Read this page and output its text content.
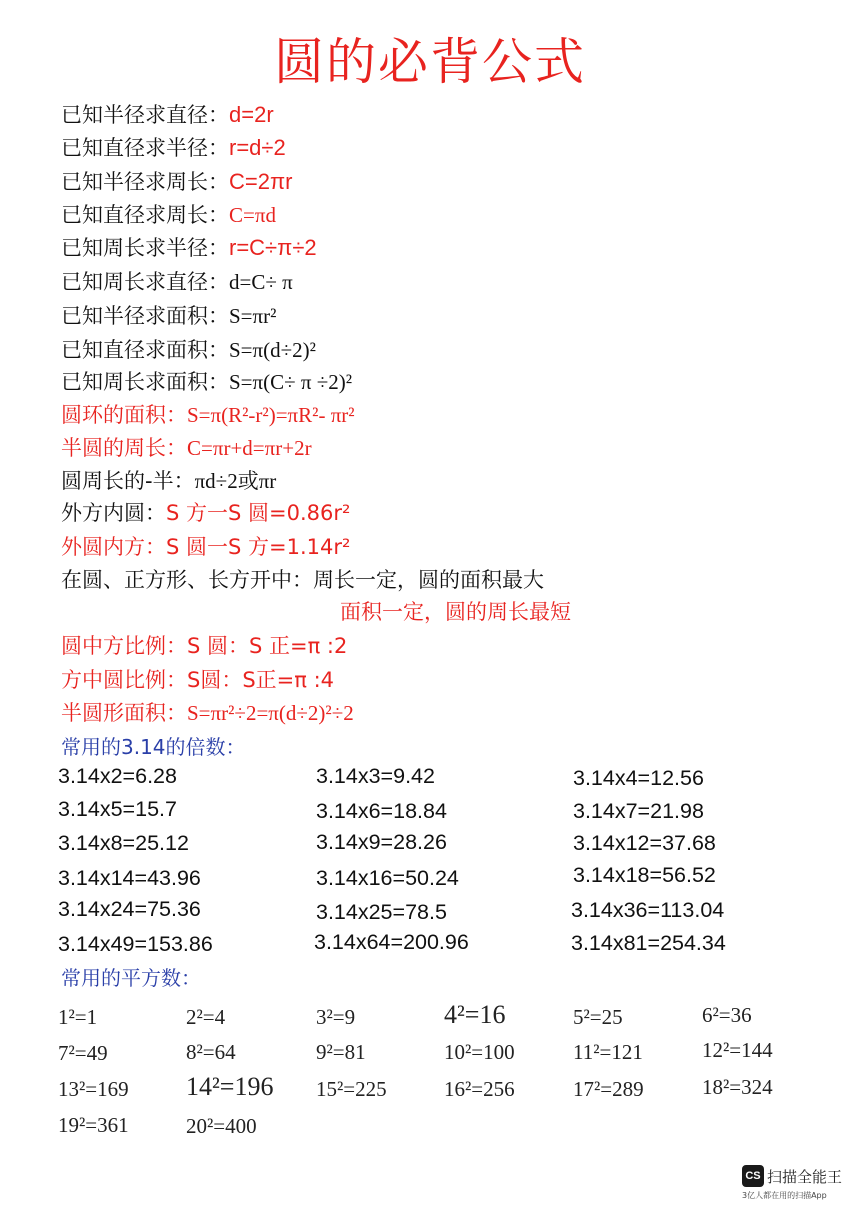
圆的必背公式
已知半径求直径：d=2r
已知直径求半径：r=d÷2
已知半径求周长：C=2πr
已知直径求周长：C=πd
已知周长求半径：r=C÷π÷2
已知周长求直径：d=C÷ π
已知半径求面积：S=πr²
已知直径求面积：S=π(d÷2)²
已知周长求面积：S=π(C÷ π ÷2)²
圆环的面积：S=π(R²-r²)=πR²- πr²
半圆的周长：C=πr+d=πr+2r
圆周长的-半：πd÷2或πr
外方内圆：S 方一S 圆=0.86r²
外圆内方：S 圆一S 方=1.14r²
在圆、正方形、长方开中：周长一定，圆的面积最大
面积一定，圆的周长最短
圆中方比例：S 圆：S 正=π :2
方中圆比例：S圆：S正=π :4
半圆形面积：S=πr²÷2=π(d÷2)²÷2
常用的3.14的倍数：
3.14x2=6.28	3.14x3=9.42	3.14x4=12.56
3.14x5=15.7	3.14x6=18.84	3.14x7=21.98
3.14x8=25.12	3.14x9=28.26	3.14x12=37.68
3.14x14=43.96	3.14x16=50.24	3.14x18=56.52
3.14x24=75.36	3.14x25=78.5	3.14x36=113.04
3.14x49=153.86	3.14x64=200.96	3.14x81=254.34
常用的平方数：
1²=1	2²=4	3²=9	4²=16	5²=25	6²=36
7²=49	8²=64	9²=81	10²=100	11²=121	12²=144
13²=169 14²=196 15²=225	16²=256	17²=289	18²=324
19²=361	20²=400
CS 扫描全能王
3亿人都在用的扫描App
